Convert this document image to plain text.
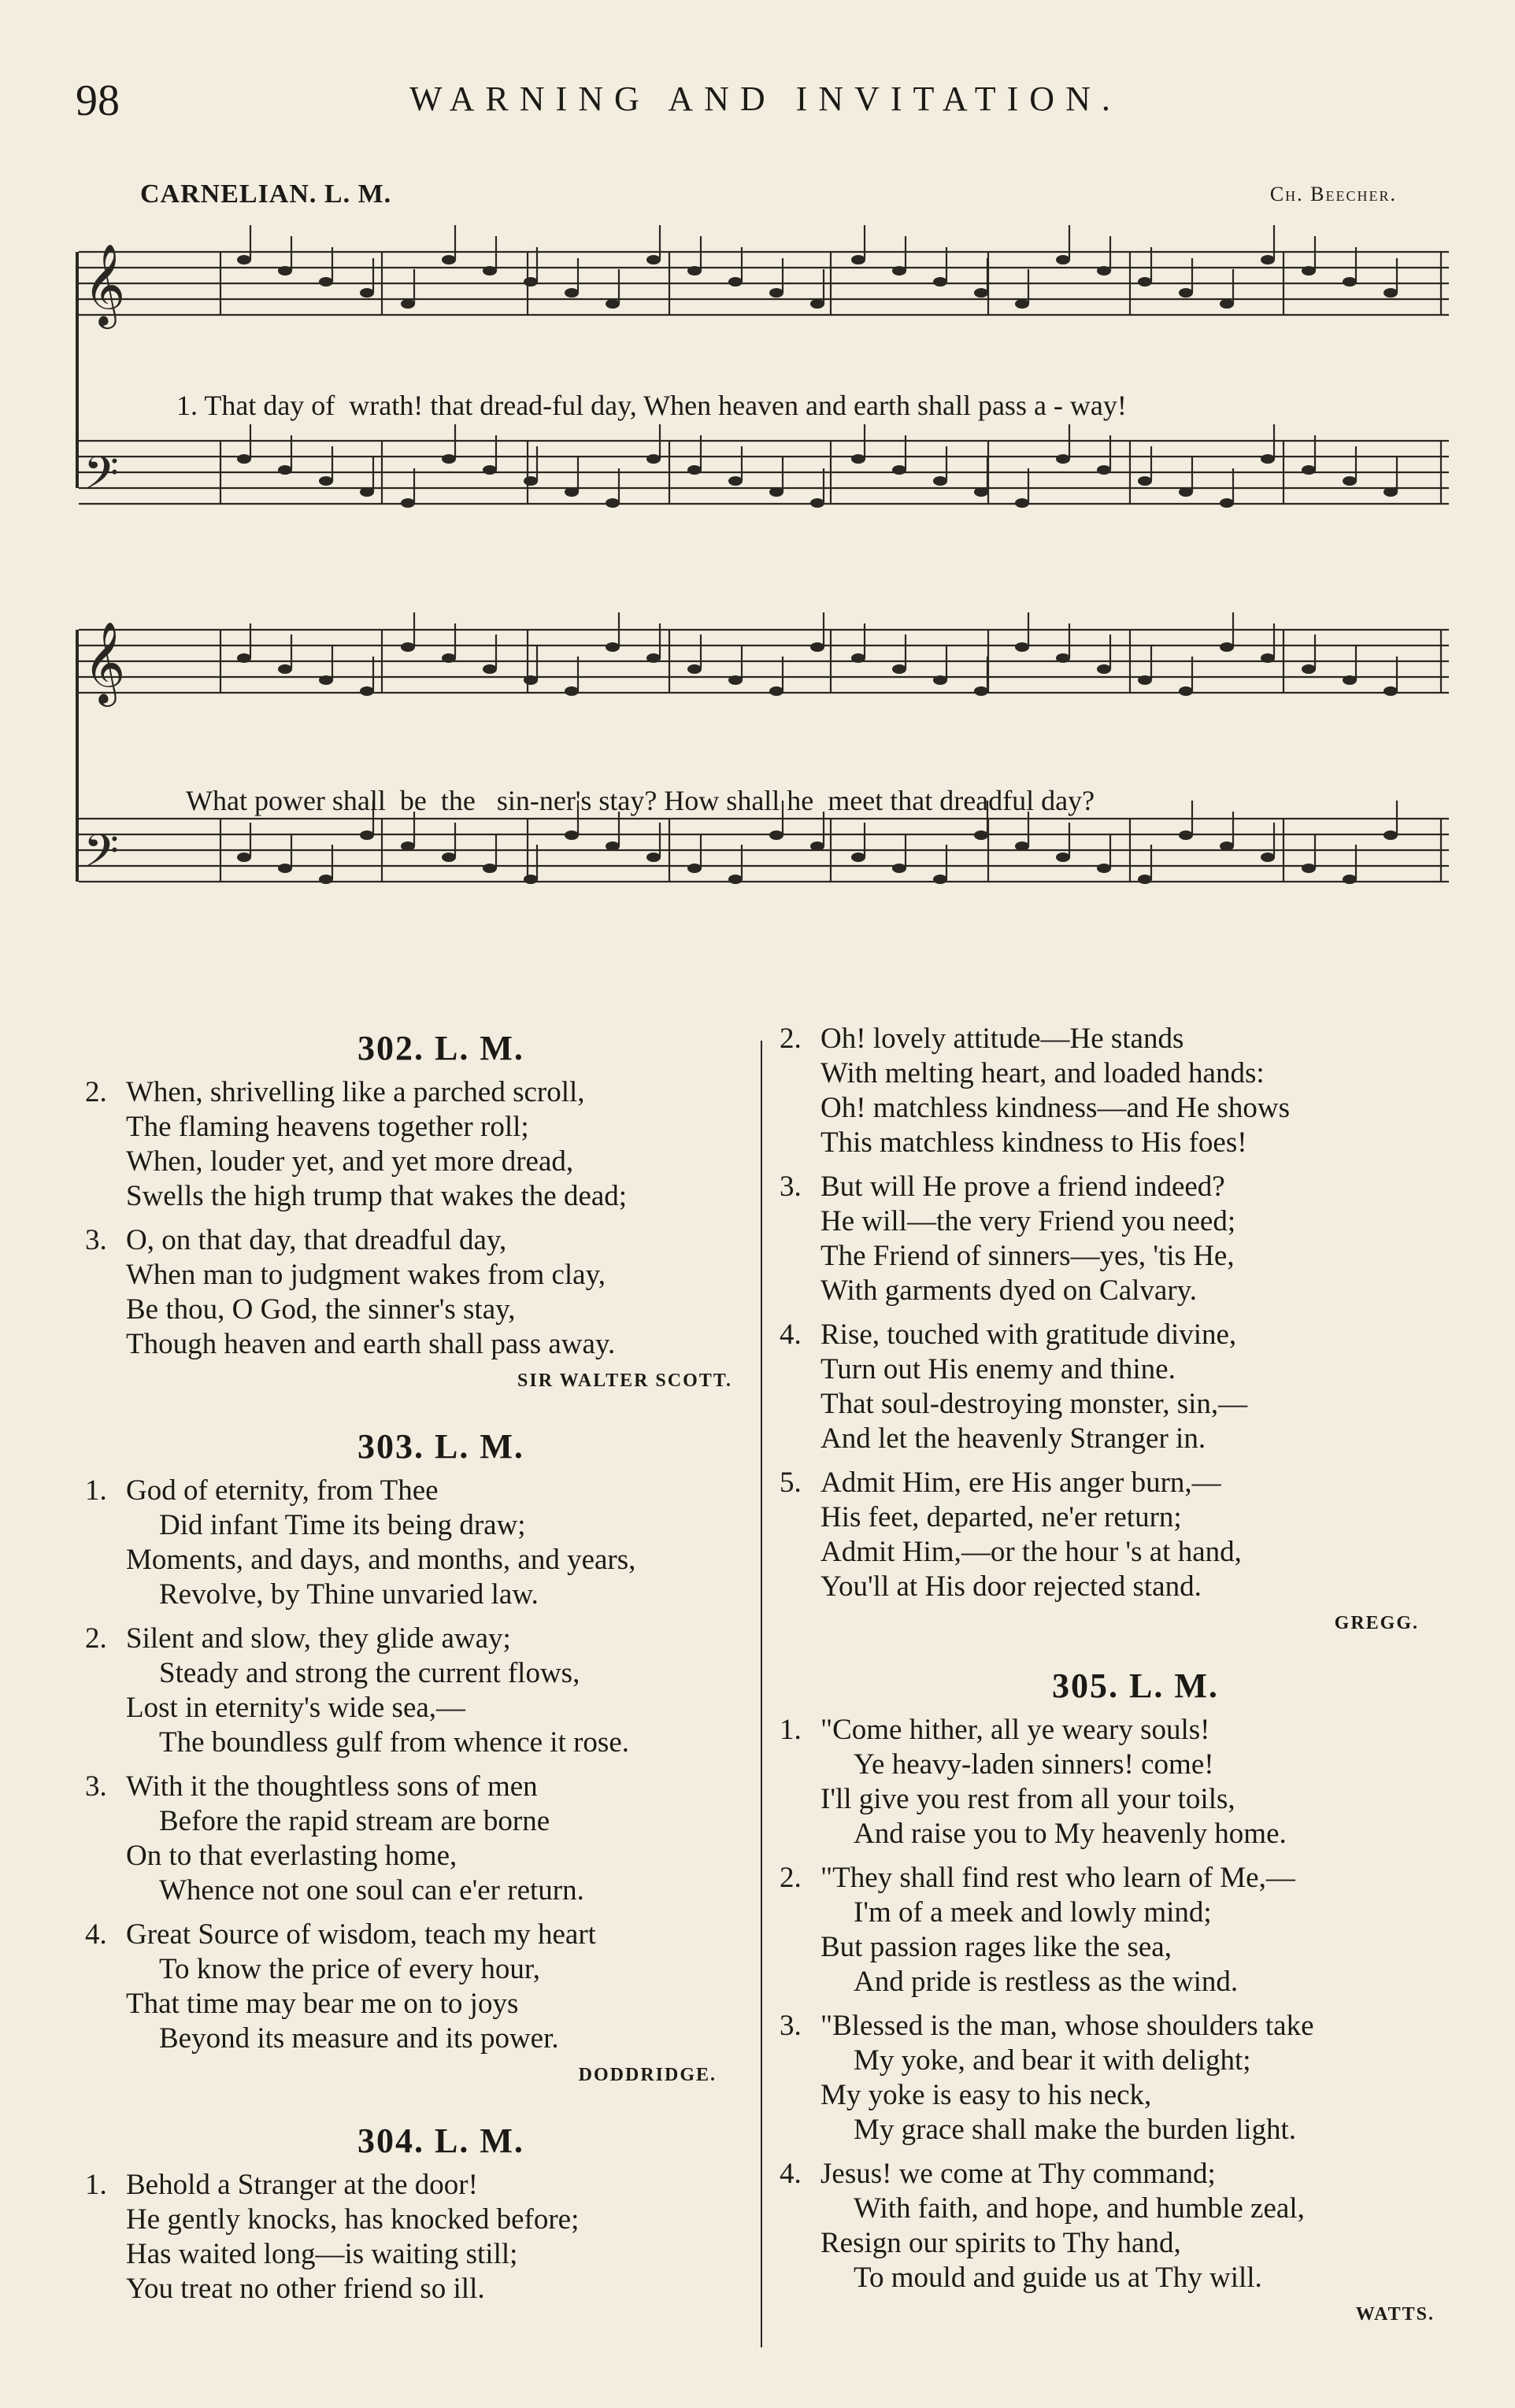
98	WARNING AND INVITATION.
CARNELIAN. L. M.	Ch. Beecher.
𝄞
𝄢
𝄞
𝄢
1. That day of  wrath! that dread-ful day, When heaven and earth shall pass a - way!
What power shall  be  the   sin-ner's stay? How shall he  meet that dreadful day?
302. L. M.
2. When, shrivelling like a parched scroll,
The flaming heavens together roll;
When, louder yet, and yet more dread,
Swells the high trump that wakes the dead;
3. O, on that day, that dreadful day,
When man to judgment wakes from clay,
Be thou, O God, the sinner's stay,
Though heaven and earth shall pass away.
SIR WALTER SCOTT.
303. L. M.
1. God of eternity, from Thee
Did infant Time its being draw;
Moments, and days, and months, and years,
Revolve, by Thine unvaried law.
2. Silent and slow, they glide away;
Steady and strong the current flows,
Lost in eternity's wide sea,—
The boundless gulf from whence it rose.
3. With it the thoughtless sons of men
Before the rapid stream are borne
On to that everlasting home,
Whence not one soul can e'er return.
4. Great Source of wisdom, teach my heart
To know the price of every hour,
That time may bear me on to joys
Beyond its measure and its power.
DODDRIDGE.
304. L. M.
1. Behold a Stranger at the door!
He gently knocks, has knocked before;
Has waited long—is waiting still;
You treat no other friend so ill.
2. Oh! lovely attitude—He stands
With melting heart, and loaded hands:
Oh! matchless kindness—and He shows
This matchless kindness to His foes!
3. But will He prove a friend indeed?
He will—the very Friend you need;
The Friend of sinners—yes, 'tis He,
With garments dyed on Calvary.
4. Rise, touched with gratitude divine,
Turn out His enemy and thine.
That soul-destroying monster, sin,—
And let the heavenly Stranger in.
5. Admit Him, ere His anger burn,—
His feet, departed, ne'er return;
Admit Him,—or the hour 's at hand,
You'll at His door rejected stand.
GREGG.
305. L. M.
1. "Come hither, all ye weary souls!
Ye heavy-laden sinners! come!
I'll give you rest from all your toils,
And raise you to My heavenly home.
2. "They shall find rest who learn of Me,—
I'm of a meek and lowly mind;
But passion rages like the sea,
And pride is restless as the wind.
3. "Blessed is the man, whose shoulders take
My yoke, and bear it with delight;
My yoke is easy to his neck,
My grace shall make the burden light.
4. Jesus! we come at Thy command;
With faith, and hope, and humble zeal,
Resign our spirits to Thy hand,
To mould and guide us at Thy will.
WATTS.
